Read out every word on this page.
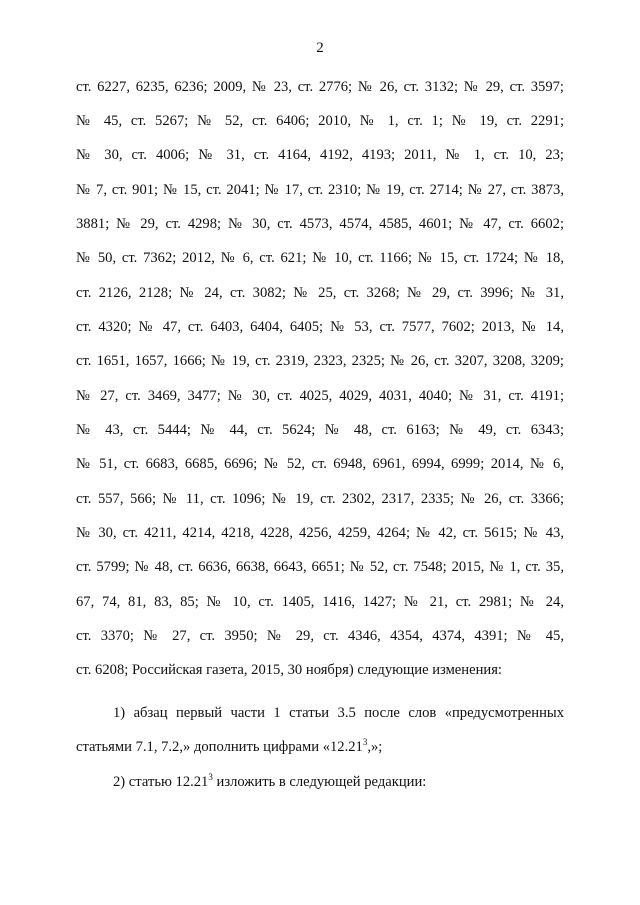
2
ст. 6227, 6235, 6236; 2009, № 23, ст. 2776; № 26, ст. 3132; № 29, ст. 3597;
№ 45, ст. 5267; № 52, ст. 6406; 2010, № 1, ст. 1; № 19, ст. 2291;
№ 30, ст. 4006; № 31, ст. 4164, 4192, 4193; 2011, № 1, ст. 10, 23;
№ 7, ст. 901; № 15, ст. 2041; № 17, ст. 2310; № 19, ст. 2714; № 27, ст. 3873,
3881; № 29, ст. 4298; № 30, ст. 4573, 4574, 4585, 4601; № 47, ст. 6602;
№ 50, ст. 7362; 2012, № 6, ст. 621; № 10, ст. 1166; № 15, ст. 1724; № 18,
ст. 2126, 2128; № 24, ст. 3082; № 25, ст. 3268; № 29, ст. 3996; № 31,
ст. 4320; № 47, ст. 6403, 6404, 6405; № 53, ст. 7577, 7602; 2013, № 14,
ст. 1651, 1657, 1666; № 19, ст. 2319, 2323, 2325; № 26, ст. 3207, 3208, 3209;
№ 27, ст. 3469, 3477; № 30, ст. 4025, 4029, 4031, 4040; № 31, ст. 4191;
№ 43, ст. 5444; № 44, ст. 5624; № 48, ст. 6163; № 49, ст. 6343;
№ 51, ст. 6683, 6685, 6696; № 52, ст. 6948, 6961, 6994, 6999; 2014, № 6,
ст. 557, 566; № 11, ст. 1096; № 19, ст. 2302, 2317, 2335; № 26, ст. 3366;
№ 30, ст. 4211, 4214, 4218, 4228, 4256, 4259, 4264; № 42, ст. 5615; № 43,
ст. 5799; № 48, ст. 6636, 6638, 6643, 6651; № 52, ст. 7548; 2015, № 1, ст. 35,
67, 74, 81, 83, 85; № 10, ст. 1405, 1416, 1427; № 21, ст. 2981; № 24,
ст. 3370; № 27, ст. 3950; № 29, ст. 4346, 4354, 4374, 4391; № 45,
ст. 6208; Российская газета, 2015, 30 ноября) следующие изменения:
1) абзац первый части 1 статьи 3.5 после слов «предусмотренных
статьями 7.1, 7.2,» дополнить цифрами «12.21$^3$,»;
2) статью 12.21$^3$ изложить в следующей редакции:
